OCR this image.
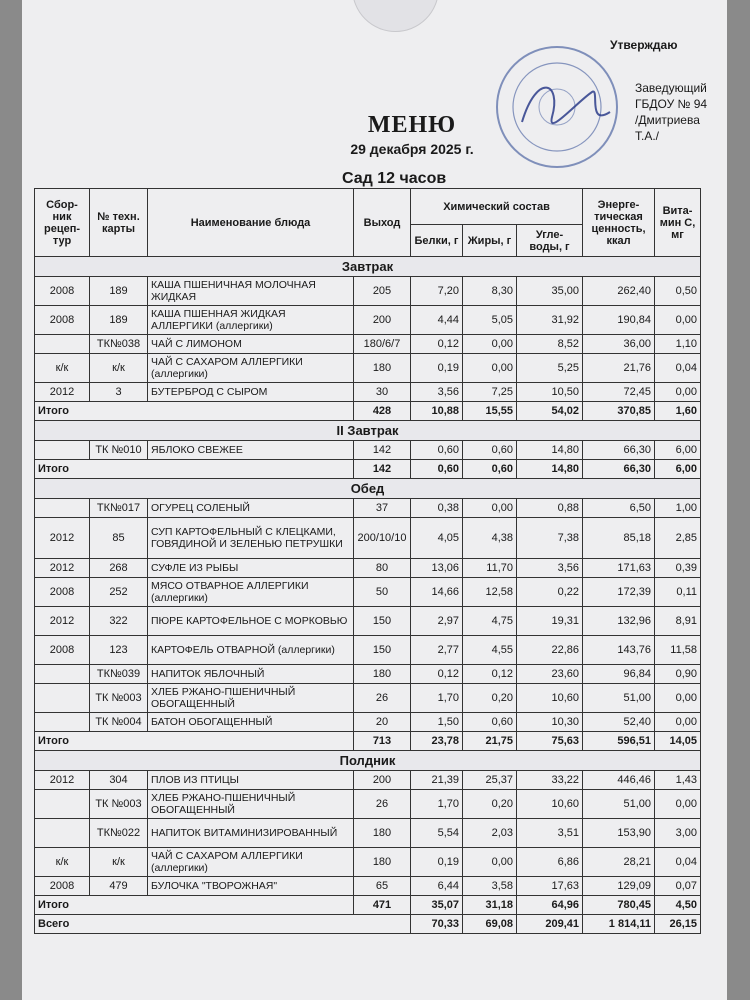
Утверждаю
Заведующий
ГБДОУ № 94
/Дмитриева Т.А./
МЕНЮ
29 декабря 2025 г.
Сад 12 часов
Сбор-ник рецеп-тур	№ техн. карты	Наименование блюда	Выход	Химический состав			Энерге-тическая ценность, ккал	Вита-мин С, мг
				Белки, г	Жиры, г	Угле-воды, г		
Завтрак								
2008	189	КАША ПШЕНИЧНАЯ МОЛОЧНАЯ ЖИДКАЯ	205	7,20	8,30	35,00	262,40	0,50
2008	189	КАША ПШЕННАЯ ЖИДКАЯ АЛЛЕРГИКИ (аллергики)	200	4,44	5,05	31,92	190,84	0,00
	ТК№038	ЧАЙ С ЛИМОНОМ	180/6/7	0,12	0,00	8,52	36,00	1,10
к/к	к/к	ЧАЙ С САХАРОМ АЛЛЕРГИКИ (аллергики)	180	0,19	0,00	5,25	21,76	0,04
2012	3	БУТЕРБРОД С СЫРОМ	30	3,56	7,25	10,50	72,45	0,00
Итого			428	10,88	15,55	54,02	370,85	1,60
II Завтрак								
	ТК №010	ЯБЛОКО СВЕЖЕЕ	142	0,60	0,60	14,80	66,30	6,00
Итого			142	0,60	0,60	14,80	66,30	6,00
Обед								
	ТК№017	ОГУРЕЦ СОЛЕНЫЙ	37	0,38	0,00	0,88	6,50	1,00
2012	85	СУП КАРТОФЕЛЬНЫЙ С КЛЕЦКАМИ, ГОВЯДИНОЙ И ЗЕЛЕНЬЮ ПЕТРУШКИ	200/10/10	4,05	4,38	7,38	85,18	2,85
2012	268	СУФЛЕ ИЗ РЫБЫ	80	13,06	11,70	3,56	171,63	0,39
2008	252	МЯСО ОТВАРНОЕ АЛЛЕРГИКИ (аллергики)	50	14,66	12,58	0,22	172,39	0,11
2012	322	ПЮРЕ КАРТОФЕЛЬНОЕ С МОРКОВЬЮ	150	2,97	4,75	19,31	132,96	8,91
2008	123	КАРТОФЕЛЬ ОТВАРНОЙ (аллергики)	150	2,77	4,55	22,86	143,76	11,58
	ТК№039	НАПИТОК ЯБЛОЧНЫЙ	180	0,12	0,12	23,60	96,84	0,90
	ТК №003	ХЛЕБ РЖАНО-ПШЕНИЧНЫЙ ОБОГАЩЕННЫЙ	26	1,70	0,20	10,60	51,00	0,00
	ТК №004	БАТОН ОБОГАЩЕННЫЙ	20	1,50	0,60	10,30	52,40	0,00
Итого			713	23,78	21,75	75,63	596,51	14,05
Полдник								
2012	304	ПЛОВ ИЗ ПТИЦЫ	200	21,39	25,37	33,22	446,46	1,43
	ТК №003	ХЛЕБ РЖАНО-ПШЕНИЧНЫЙ ОБОГАЩЕННЫЙ	26	1,70	0,20	10,60	51,00	0,00
	ТК№022	НАПИТОК ВИТАМИНИЗИРОВАННЫЙ	180	5,54	2,03	3,51	153,90	3,00
к/к	к/к	ЧАЙ С САХАРОМ АЛЛЕРГИКИ (аллергики)	180	0,19	0,00	6,86	28,21	0,04
2008	479	БУЛОЧКА "ТВОРОЖНАЯ"	65	6,44	3,58	17,63	129,09	0,07
Итого			471	35,07	31,18	64,96	780,45	4,50
Всего				70,33	69,08	209,41	1 814,11	26,15
